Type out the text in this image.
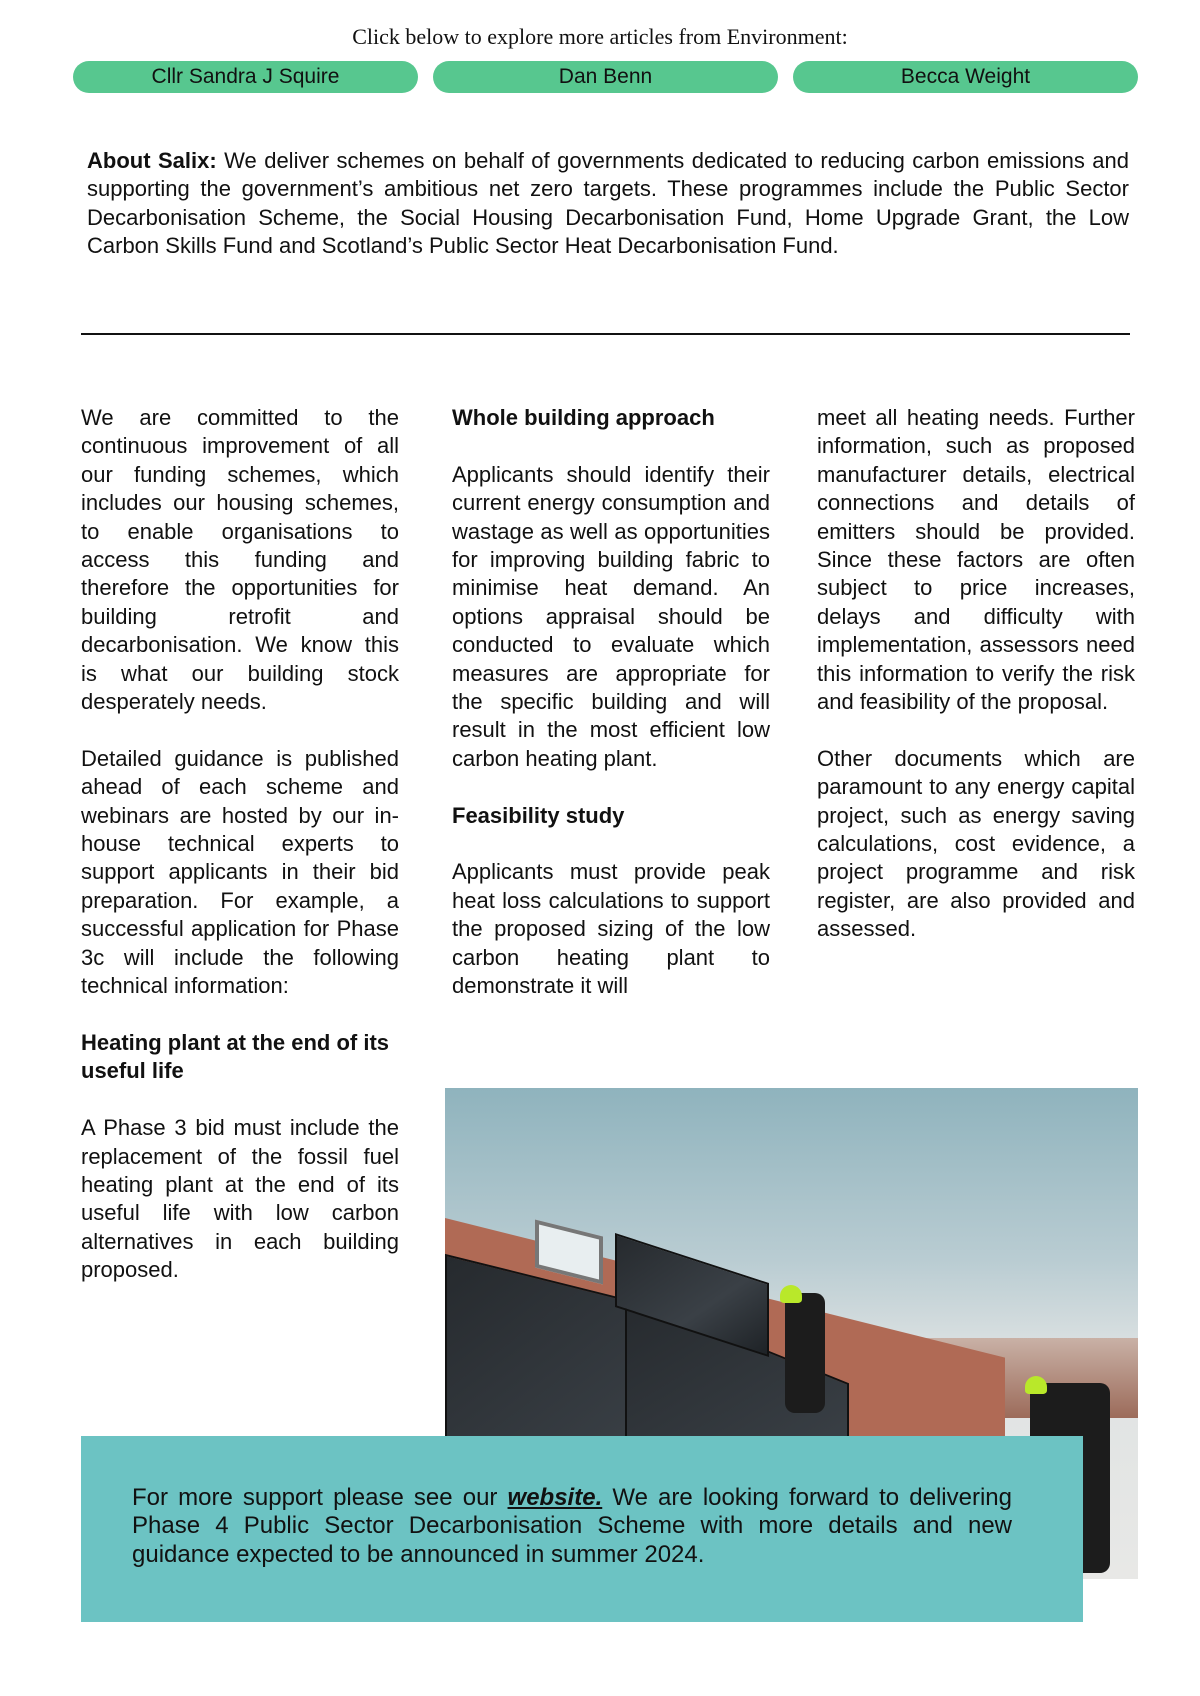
Click below to explore more articles from Environment:
Cllr Sandra J Squire	Dan Benn	Becca Weight
About Salix: We deliver schemes on behalf of governments dedicated to reducing carbon emissions and supporting the government’s ambitious net zero targets. These programmes include the Public Sector Decarbonisation Scheme, the Social Housing Decarbonisation Fund, Home Upgrade Grant, the Low Carbon Skills Fund and Scotland’s Public Sector Heat Decarbonisation Fund.

We are committed to the continuous improvement of all our funding schemes, which includes our housing schemes, to enable organisations to access this funding and therefore the opportunities for building retrofit and decarbonisation. We know this is what our building stock desperately needs.

Detailed guidance is published ahead of each scheme and webinars are hosted by our in-house technical experts to support applicants in their bid preparation. For example, a successful application for Phase 3c will include the following technical information:

Heating plant at the end of its useful life

A Phase 3 bid must include the replacement of the fossil fuel heating plant at the end of its useful life with low carbon alternatives in each building proposed.

Whole building approach

Applicants should identify their current energy consumption and wastage as well as opportunities for improving building fabric to minimise heat demand. An options appraisal should be conducted to evaluate which measures are appropriate for the specific building and will result in the most efficient low carbon heating plant.

Feasibility study

Applicants must provide peak heat loss calculations to support the proposed sizing of the low carbon heating plant to demonstrate it will

meet all heating needs. Further information, such as proposed manufacturer details, electrical connections and details of emitters should be provided. Since these factors are often subject to price increases, delays and difficulty with implementation, assessors need this information to verify the risk and feasibility of the proposal.

Other documents which are paramount to any energy capital project, such as energy saving calculations, cost evidence, a project programme and risk register, are also provided and assessed.

For more support please see our website. We are looking forward to delivering Phase 4 Public Sector Decarbonisation Scheme with more details and new guidance expected to be announced in summer 2024.
